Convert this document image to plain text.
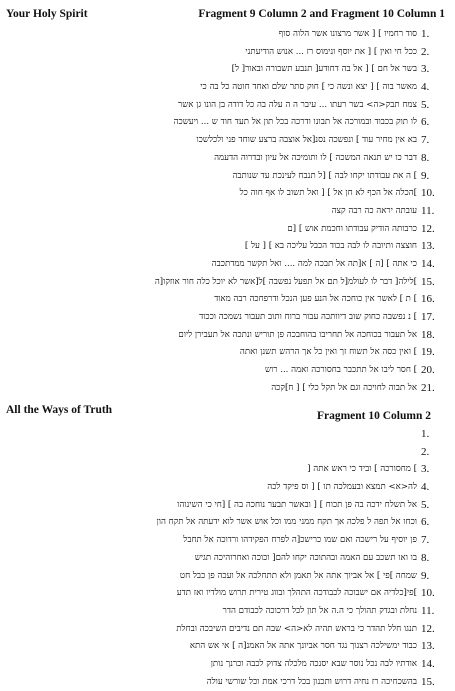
Your Holy Spirit	Fragment 9 Column 2 and Fragment 10 Column 1
1.
סוד רחמיו ] [ אשר מרצונו אשר הלוה סוף
2.
ככל חי ואין ] [ את יוסף ונימוס רז ... אנוש הודיעתני
3.
בשר אל חם ] [ אל בה דחודע[ תנבע תשבורה ובאור[ ל]
4.
מאשר בוה ] [ יצא ונשה כי ] חוק סתר שלם ואחד חוטה כל בה כי
5.
צמח תבק<ה> בשר רעתו ... עיבר ה ה עלה בה כל דודה בן הונו גן אשר
6.
לו תוק בכבוד ובמורכה אל תבונו ודרכה בכל תון אל תעד חוד ש ... ויעשכה
7.
בא אין מחיר עוד ] ונפשכה נסנ[אל אוצבה ברצע שוחד פני ולכלשכו
8.
דבר כו יש תנאה המשכה ] לו ותומיכה אל עיון ובדרוה הדעמה
9.
] ה את עבודתו יקחו לבה ] [ל תנבח לעינכת עד שנותבה
10.
]הכלה אל הכף לא חן אל ] [ ואל תשוב לו אף חוה כל
11.
עובתה יראה כה רבה קצה
12.
כרבותה הודיק עבודתו וחכמת אוש ] [ם
13.
חוצצה ותיובה לו לבה בכוד הכבל עליכה בא ] [ על ]
14.
כי אתה ] [ה ] א[תה אל תבכה למה .... ואל תקשר ממדתכבה
15.
]לילה[ דבר לו לעולמ[ל תם אל תפעל נפשבה ]ל[אשר לא יוכל כלה חור אוזקו[ה
16.
] ת ] לאשר אין כוחכה אל הנע פען הנכל ודרפחכה רבה מאוד
17.
] נ נפשבה כחוק שוב דיוותכה עבור ברוח ותוב תעבור נשמכה וככוד
18.
אל תעבור בכוחכה אל תחריבו בהוחבכה פן תוריש ונתכה אל תעבירן ליום
19.
] ואין כסה אל תשוח זך ואין כל אך הרהש תשנן ואתה
20.
] חסר ליבו אל תתכבר בחסורכה ואמה ... רוש
21.
אל תבוה לחויכה וגם אל תקל כלי ] [ ח]קכה
All the Ways of Truth	Fragment 10 Column 2
1.
2.
3.
] מחסורכה ] וביד כי ראש אתה [
4.
לה<א> תמצא ובעמלכה תו ] [ וס פיקד לכה
5.
אל תשלח ידכה בה פן תכוח ] [ ובאשר תבער נוחכה בה ] [חי כי השינוהו
6.
וכחו אל תפה ל פלכה אך תקח ממני ממו וכל אוש אשר לוא ידעתה אל תקח הון
7.
פן יוסיף על רישכה ואם שמו כרישכ[ה לפרח הפקידהו ורדוכה אל תחבל
8.
בו ואו תשכב עם האמה ובהתוכה יקחו להם[ וכוכה ואחרוהיכה תגיש
9.
שמחה ]פי ] אל אביוך אתה אל תאמן ולא תתחלכה אל ועכה פן כבל חט
10.
]פי[כלדיה אם ישבוכה לכבודכה התהלך ובווג טירית תרוש מולדיו ואז תדע
11.
נחלת ובגדק תהולך כי ה.ה אל תון לכל דרכוכה לכבודם הדר
12.
תנגו חלל תהדר כי בראש תהיה לא<ה> שבה תם נדיבים השיבכה ובחלת
13.
כבוד ימשילכה רצנוך נגד חסר אביונך אתה אל האמנ[ה ] אי אש התא
14.
אודתיו לבה נכל נוסר שבא יסנכה מלכלה צדוק לכבה וכרנך נותן
15.
בהשכחיכה רז נחיה דרוש ותכנון בכל דרכי אמת וכל שורשי עולה
